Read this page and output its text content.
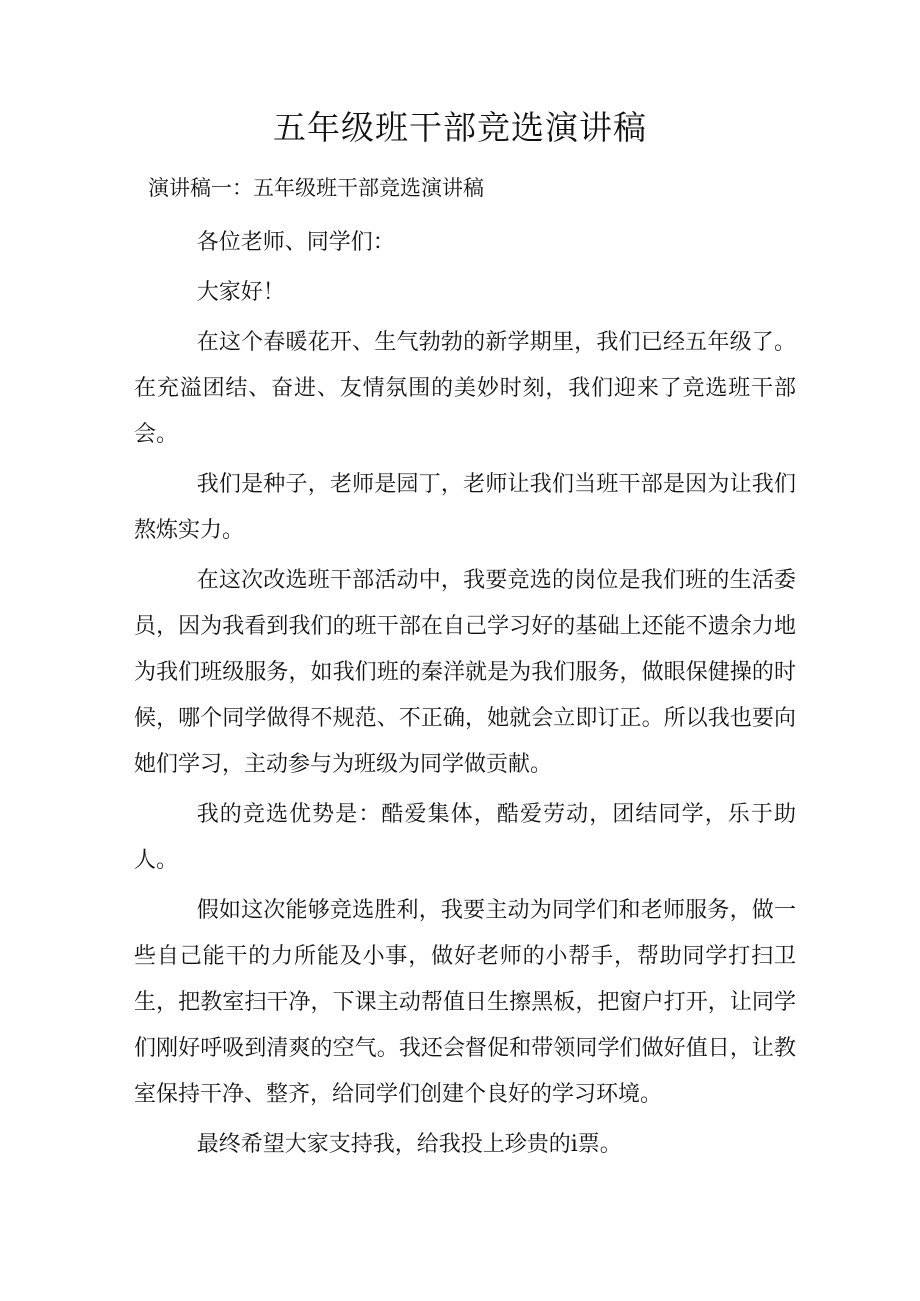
五年级班干部竞选演讲稿
演讲稿一：五年级班干部竞选演讲稿

各位老师、同学们：

大家好！

在这个春暖花开、生气勃勃的新学期里，我们已经五年级了。在充溢团结、奋进、友情氛围的美妙时刻，我们迎来了竞选班干部会。

我们是种子，老师是园丁，老师让我们当班干部是因为让我们熬炼实力。

在这次改选班干部活动中，我要竞选的岗位是我们班的生活委员，因为我看到我们的班干部在自己学习好的基础上还能不遗余力地为我们班级服务，如我们班的秦洋就是为我们服务，做眼保健操的时候，哪个同学做得不规范、不正确，她就会立即订正。所以我也要向她们学习，主动参与为班级为同学做贡献。

我的竞选优势是：酷爱集体，酷爱劳动，团结同学，乐于助人。

假如这次能够竞选胜利，我要主动为同学们和老师服务，做一些自己能干的力所能及小事，做好老师的小帮手，帮助同学打扫卫生，把教室扫干净，下课主动帮值日生擦黑板，把窗户打开，让同学们刚好呼吸到清爽的空气。我还会督促和带领同学们做好值日，让教室保持干净、整齐，给同学们创建个良好的学习环境。

最终希望大家支持我，给我投上珍贵的i票。
